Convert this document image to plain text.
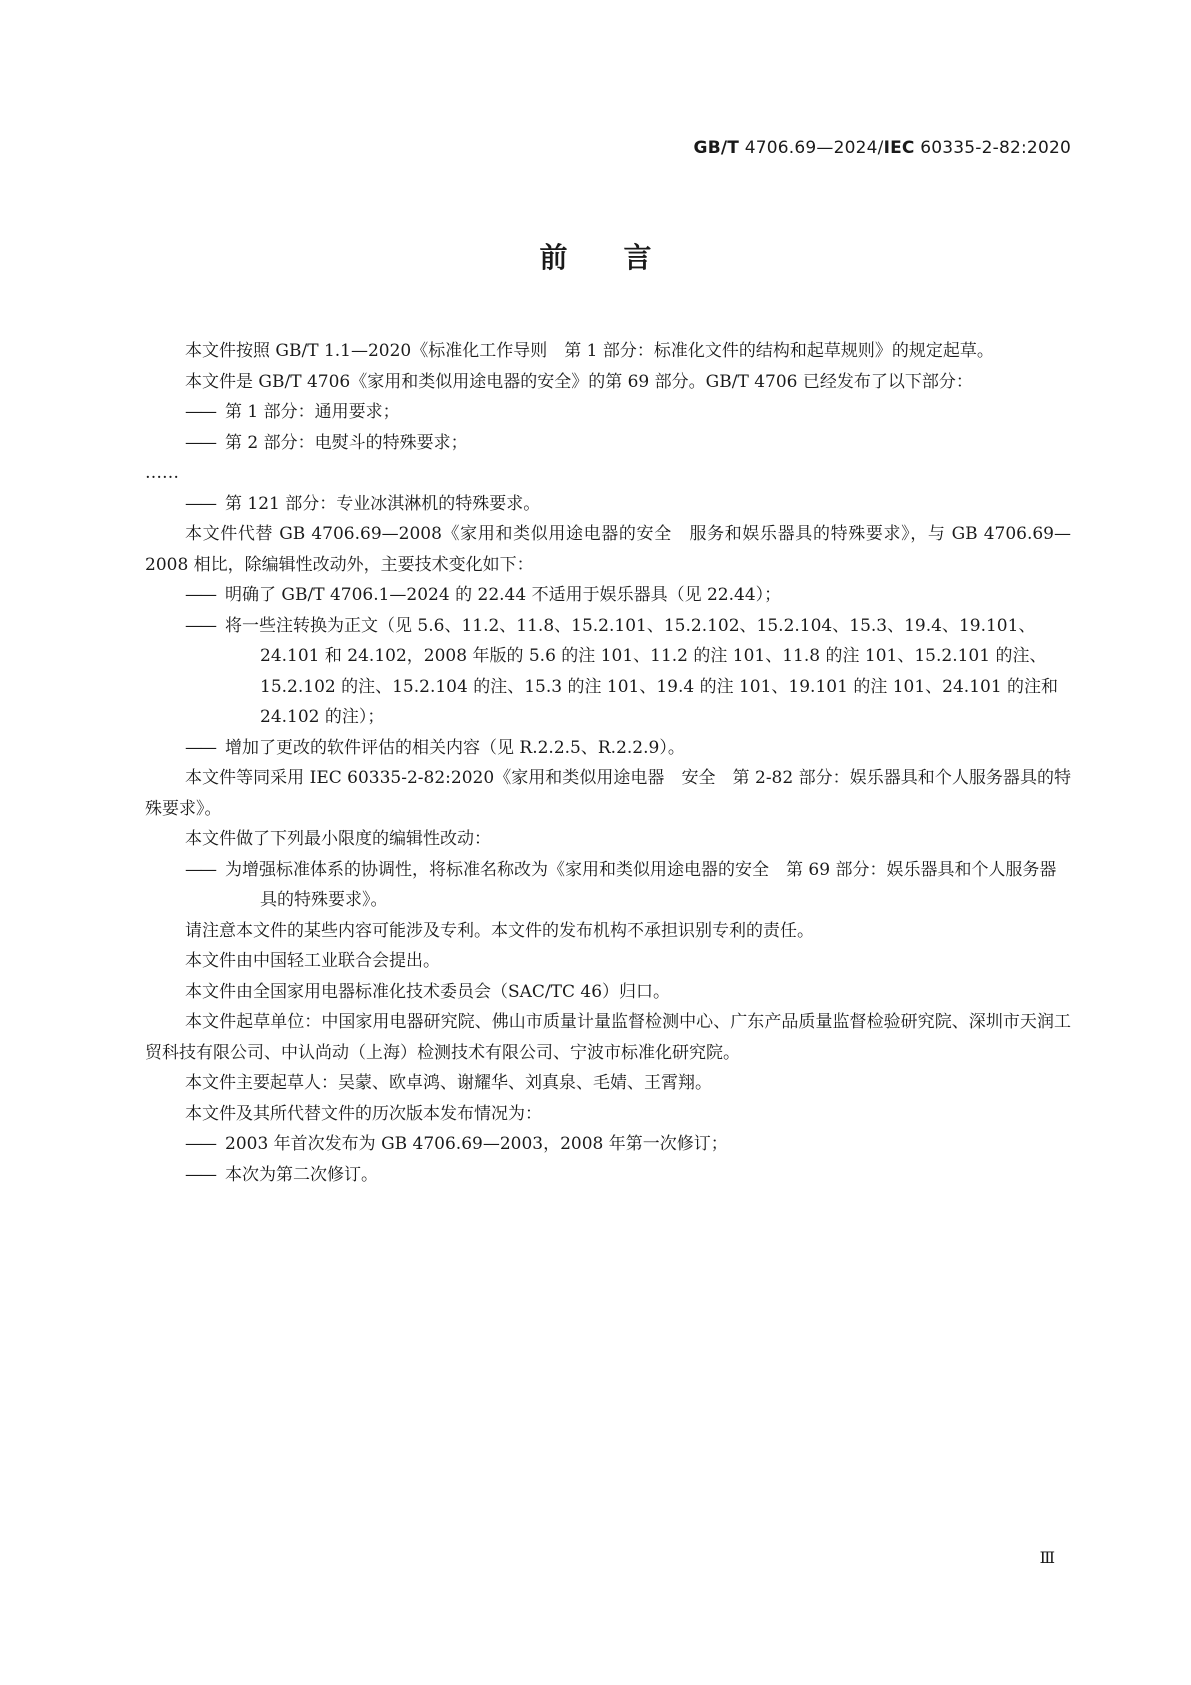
GB/T 4706.69—2024/IEC 60335-2-82:2020
前言

本文件按照 GB/T 1.1—2020《标准化工作导则　第 1 部分：标准化文件的结构和起草规则》的规定起草。

本文件是 GB/T 4706《家用和类似用途电器的安全》的第 69 部分。GB/T 4706 已经发布了以下部分：

—— 第 1 部分：通用要求；

—— 第 2 部分：电熨斗的特殊要求；

……

—— 第 121 部分：专业冰淇淋机的特殊要求。

本文件代替 GB 4706.69—2008《家用和类似用途电器的安全　服务和娱乐器具的特殊要求》，与 GB 4706.69—2008 相比，除编辑性改动外，主要技术变化如下：

—— 明确了 GB/T 4706.1—2024 的 22.44 不适用于娱乐器具（见 22.44）；

—— 将一些注转换为正文（见 5.6、11.2、11.8、15.2.101、15.2.102、15.2.104、15.3、19.4、19.101、24.101 和 24.102，2008 年版的 5.6 的注 101、11.2 的注 101、11.8 的注 101、15.2.101 的注、15.2.102 的注、15.2.104 的注、15.3 的注 101、19.4 的注 101、19.101 的注 101、24.101 的注和 24.102 的注）；

—— 增加了更改的软件评估的相关内容（见 R.2.2.5、R.2.2.9）。

本文件等同采用 IEC 60335-2-82:2020《家用和类似用途电器　安全　第 2-82 部分：娱乐器具和个人服务器具的特殊要求》。

本文件做了下列最小限度的编辑性改动：

—— 为增强标准体系的协调性，将标准名称改为《家用和类似用途电器的安全　第 69 部分：娱乐器具和个人服务器具的特殊要求》。

请注意本文件的某些内容可能涉及专利。本文件的发布机构不承担识别专利的责任。

本文件由中国轻工业联合会提出。

本文件由全国家用电器标准化技术委员会（SAC/TC 46）归口。

本文件起草单位：中国家用电器研究院、佛山市质量计量监督检测中心、广东产品质量监督检验研究院、深圳市天润工贸科技有限公司、中认尚动（上海）检测技术有限公司、宁波市标准化研究院。

本文件主要起草人：吴蒙、欧卓鸿、谢耀华、刘真泉、毛婧、王霄翔。

本文件及其所代替文件的历次版本发布情况为：

—— 2003 年首次发布为 GB 4706.69—2003，2008 年第一次修订；

—— 本次为第二次修订。

Ⅲ
